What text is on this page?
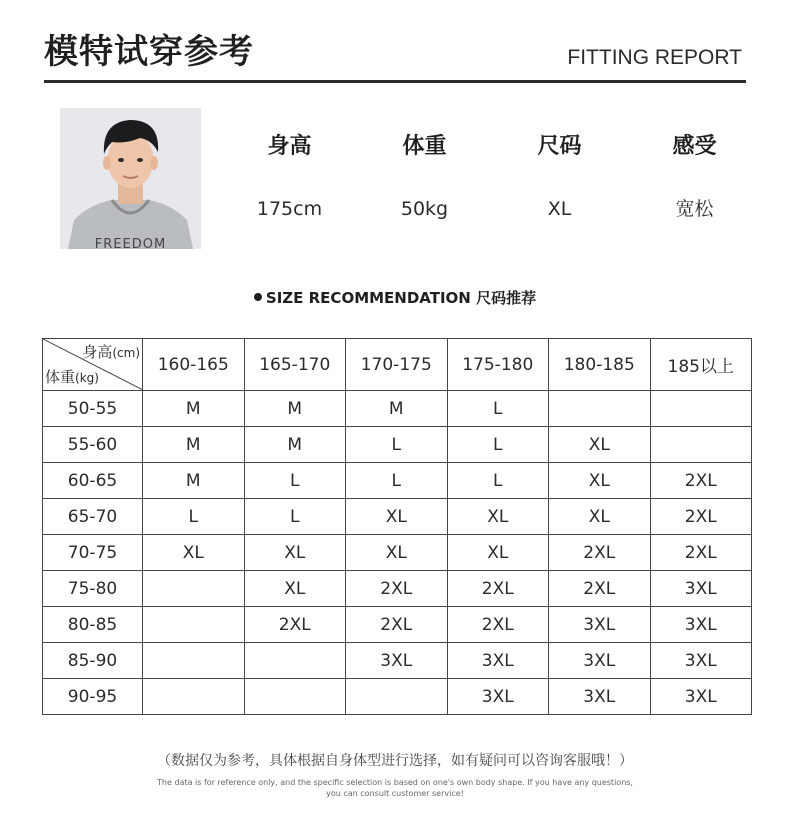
模特试穿参考	FITTING REPORT
FREEDOM
身高	体重	尺码	感受
175cm	50kg	XL	宽松
SIZE RECOMMENDATION 尺码推荐
身高(cm)
体重(kg)	160-165	165-170	170-175	175-180	180-185	185以上
50-55	M	M	M	L		
55-60	M	M	L	L	XL	
60-65	M	L	L	L	XL	2XL
65-70	L	L	XL	XL	XL	2XL
70-75	XL	XL	XL	XL	2XL	2XL
75-80		XL	2XL	2XL	2XL	3XL
80-85		2XL	2XL	2XL	3XL	3XL
85-90			3XL	3XL	3XL	3XL
90-95				3XL	3XL	3XL
（数据仅为参考，具体根据自身体型进行选择，如有疑问可以咨询客服哦！）
The data is for reference only, and the specific selection is based on one's own body shape. If you have any questions,
you can consult customer service!
